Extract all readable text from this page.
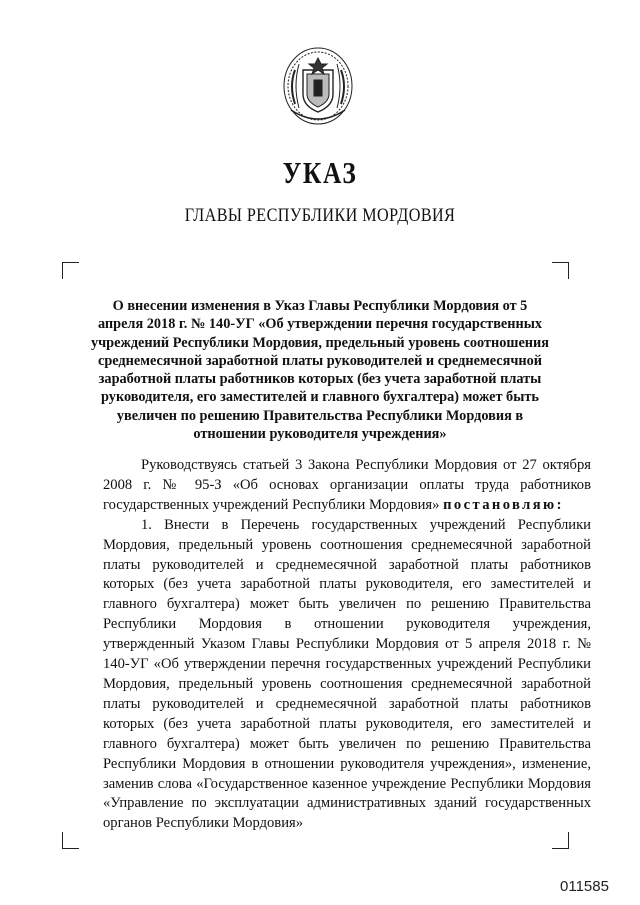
УКАЗ
ГЛАВЫ РЕСПУБЛИКИ МОРДОВИЯ
О внесении изменения в Указ Главы Республики Мордовия от 5 апреля 2018 г. № 140-УГ «Об утверждении перечня государственных учреждений Республики Мордовия, предельный уровень соотношения среднемесячной заработной платы руководителей и среднемесячной заработной платы работников которых (без учета заработной платы руководителя, его заместителей и главного бухгалтера) может быть увеличен по решению Правительства Республики Мордовия в отношении руководителя учреждения»

Руководствуясь статьей 3 Закона Республики Мордовия от 27 октября 2008 г. № 95-З «Об основах организации оплаты труда работников государственных учреждений Республики Мордовия» постановляю:

1. Внести в Перечень государственных учреждений Республики Мордовия, предельный уровень соотношения среднемесячной заработной платы руководителей и среднемесячной заработной платы работников которых (без учета заработной платы руководителя, его заместителей и главного бухгалтера) может быть увеличен по решению Правительства Республики Мордовия в отношении руководителя учреждения, утвержденный Указом Главы Республики Мордовия от 5 апреля 2018 г. № 140-УГ «Об утверждении перечня государственных учреждений Республики Мордовия, предельный уровень соотношения среднемесячной заработной платы руководителей и среднемесячной заработной платы работников которых (без учета заработной платы руководителя, его заместителей и главного бухгалтера) может быть увеличен по решению Правительства Республики Мордовия в отношении руководителя учреждения», изменение, заменив слова «Государственное казенное учреждение Республики Мордовия «Управление по эксплуатации административных зданий государственных органов Республики Мордовия»

011585
